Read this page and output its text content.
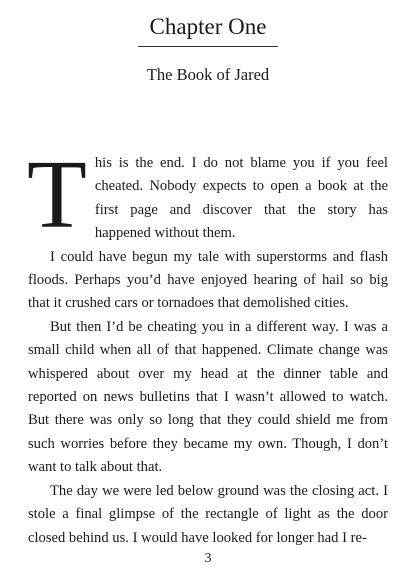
Chapter One
The Book of Jared

This is the end. I do not blame you if you feel cheated. Nobody expects to open a book at the first page and discover that the story has happened without them.

I could have begun my tale with superstorms and flash floods. Perhaps you’d have enjoyed hearing of hail so big that it crushed cars or tornadoes that demolished cities.

But then I’d be cheating you in a different way. I was a small child when all of that happened. Climate change was whispered about over my head at the dinner table and reported on news bulletins that I wasn’t allowed to watch. But there was only so long that they could shield me from such worries before they became my own. Though, I don’t want to talk about that.

The day we were led below ground was the closing act. I stole a final glimpse of the rectangle of light as the door closed behind us. I would have looked for longer had I re-

3
